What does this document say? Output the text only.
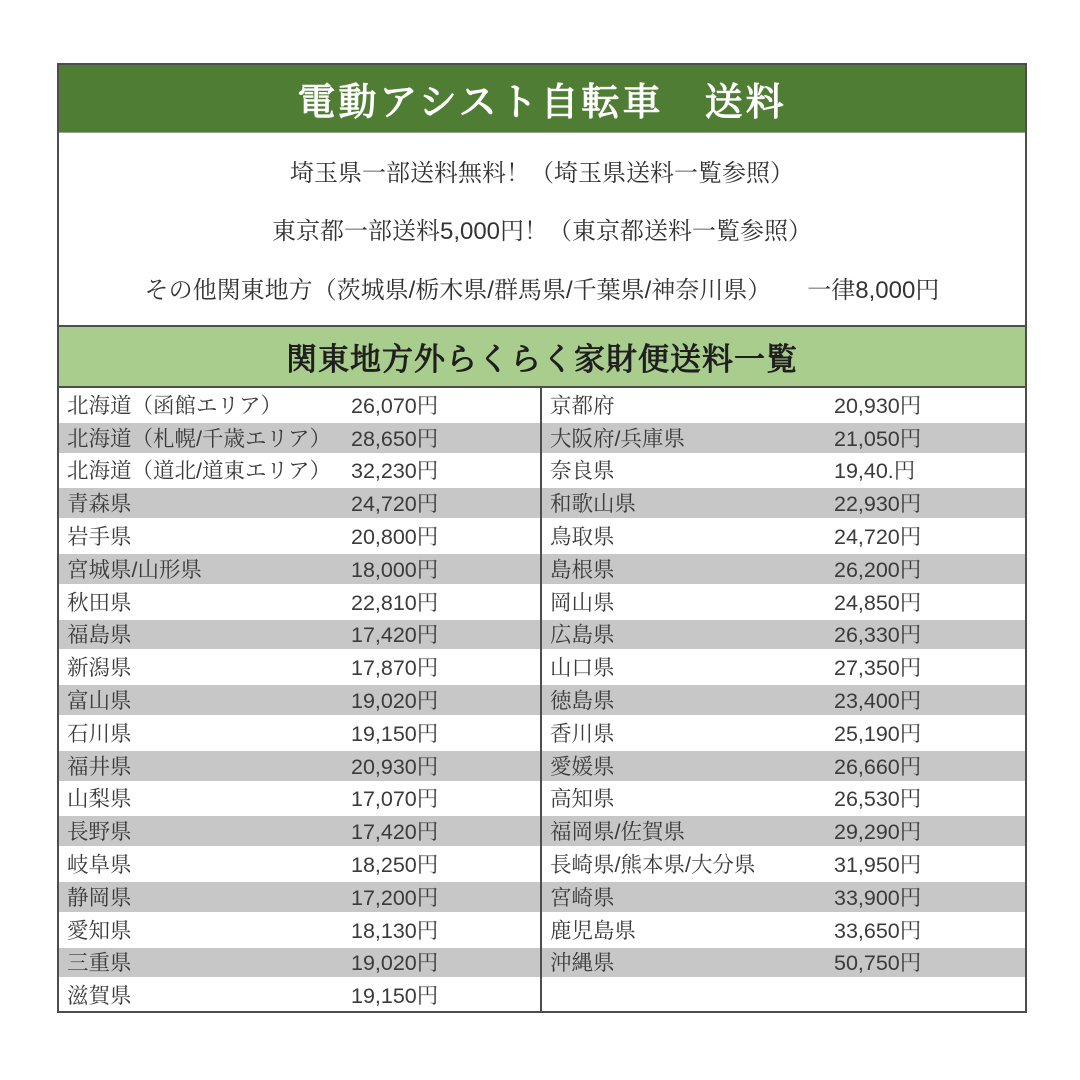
電動アシスト自転車　送料
埼玉県一部送料無料！（埼玉県送料一覧参照）
東京都一部送料5,000円！（東京都送料一覧参照）
その他関東地方（茨城県/栃木県/群馬県/千葉県/神奈川県）　　一律8,000円
関東地方外らくらく家財便送料一覧
北海道（函館エリア）	26,070円
北海道（札幌/千歳エリア） 28,650円
北海道（道北/道東エリア） 32,230円
青森県	24,720円
岩手県	20,800円
宮城県/山形県	18,000円
秋田県	22,810円
福島県	17,420円
新潟県	17,870円
富山県	19,020円
石川県	19,150円
福井県	20,930円
山梨県	17,070円
長野県	17,420円
岐阜県	18,250円
静岡県	17,200円
愛知県	18,130円
三重県	19,020円
滋賀県	19,150円
京都府	20,930円
大阪府/兵庫県	21,050円
奈良県	19,40.円
和歌山県	22,930円
鳥取県	24,720円
島根県	26,200円
岡山県	24,850円
広島県	26,330円
山口県	27,350円
徳島県	23,400円
香川県	25,190円
愛媛県	26,660円
高知県	26,530円
福岡県/佐賀県	29,290円
長崎県/熊本県/大分県	31,950円
宮崎県	33,900円
鹿児島県	33,650円
沖縄県	50,750円
